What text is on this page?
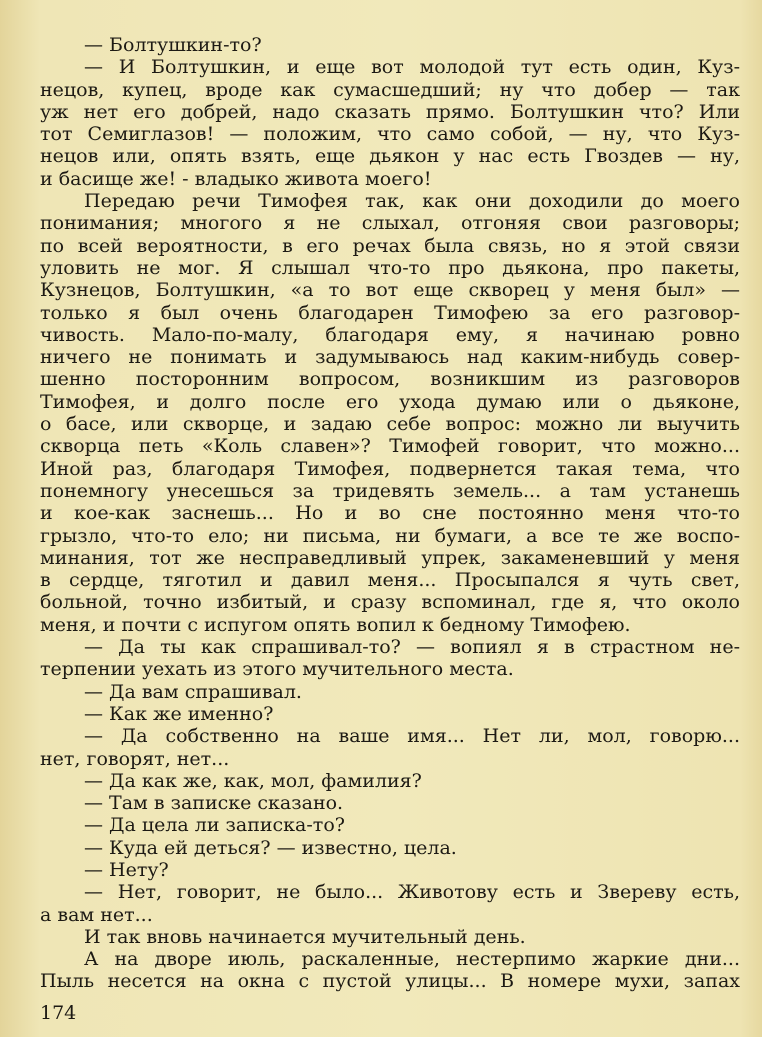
— Болтушкин-то?
— И Болтушкин, и еще вот молодой тут есть один, Куз-
нецов, купец, вроде как сумасшедший; ну что добер — так
уж нет его добрей, надо сказать прямо. Болтушкин что? Или
тот Семиглазов! — положим, что само собой, — ну, что Куз-
нецов или, опять взять, еще дьякон у нас есть Гвоздев — ну,
и басище же! - владыко живота моего!
Передаю речи Тимофея так, как они доходили до моего
понимания; многого я не слыхал, отгоняя свои разговоры;
по всей вероятности, в его речах была связь, но я этой связи
уловить не мог. Я слышал что-то про дьякона, про пакеты,
Кузнецов, Болтушкин, «а то вот еще скворец у меня был» —
только я был очень благодарен Тимофею за его разговор-
чивость. Мало-по-малу, благодаря ему, я начинаю ровно
ничего не понимать и задумываюсь над каким-нибудь совер-
шенно посторонним вопросом, возникшим из разговоров
Тимофея, и долго после его ухода думаю или о дьяконе,
о басе, или скворце, и задаю себе вопрос: можно ли выучить
скворца петь «Коль славен»? Тимофей говорит, что можно...
Иной раз, благодаря Тимофея, подвернется такая тема, что
понемногу унесешься за тридевять земель... а там устанешь
и кое-как заснешь... Но и во сне постоянно меня что-то
грызло, что-то ело; ни письма, ни бумаги, а все те же воспо-
минания, тот же несправедливый упрек, закаменевший у меня
в сердце, тяготил и давил меня... Просыпался я чуть свет,
больной, точно избитый, и сразу вспоминал, где я, что около
меня, и почти с испугом опять вопил к бедному Тимофею.
— Да ты как спрашивал-то? — вопиял я в страстном не-
терпении уехать из этого мучительного места.
— Да вам спрашивал.
— Как же именно?
— Да собственно на ваше имя... Нет ли, мол, говорю...
нет, говорят, нет...
— Да как же, как, мол, фамилия?
— Там в записке сказано.
— Да цела ли записка-то?
— Куда ей деться? — известно, цела.
— Нету?
— Нет, говорит, не было... Животову есть и Звереву есть,
а вам нет...
И так вновь начинается мучительный день.
А на дворе июль, раскаленные, нестерпимо жаркие дни...
Пыль несется на окна с пустой улицы... В номере мухи, запах
174
